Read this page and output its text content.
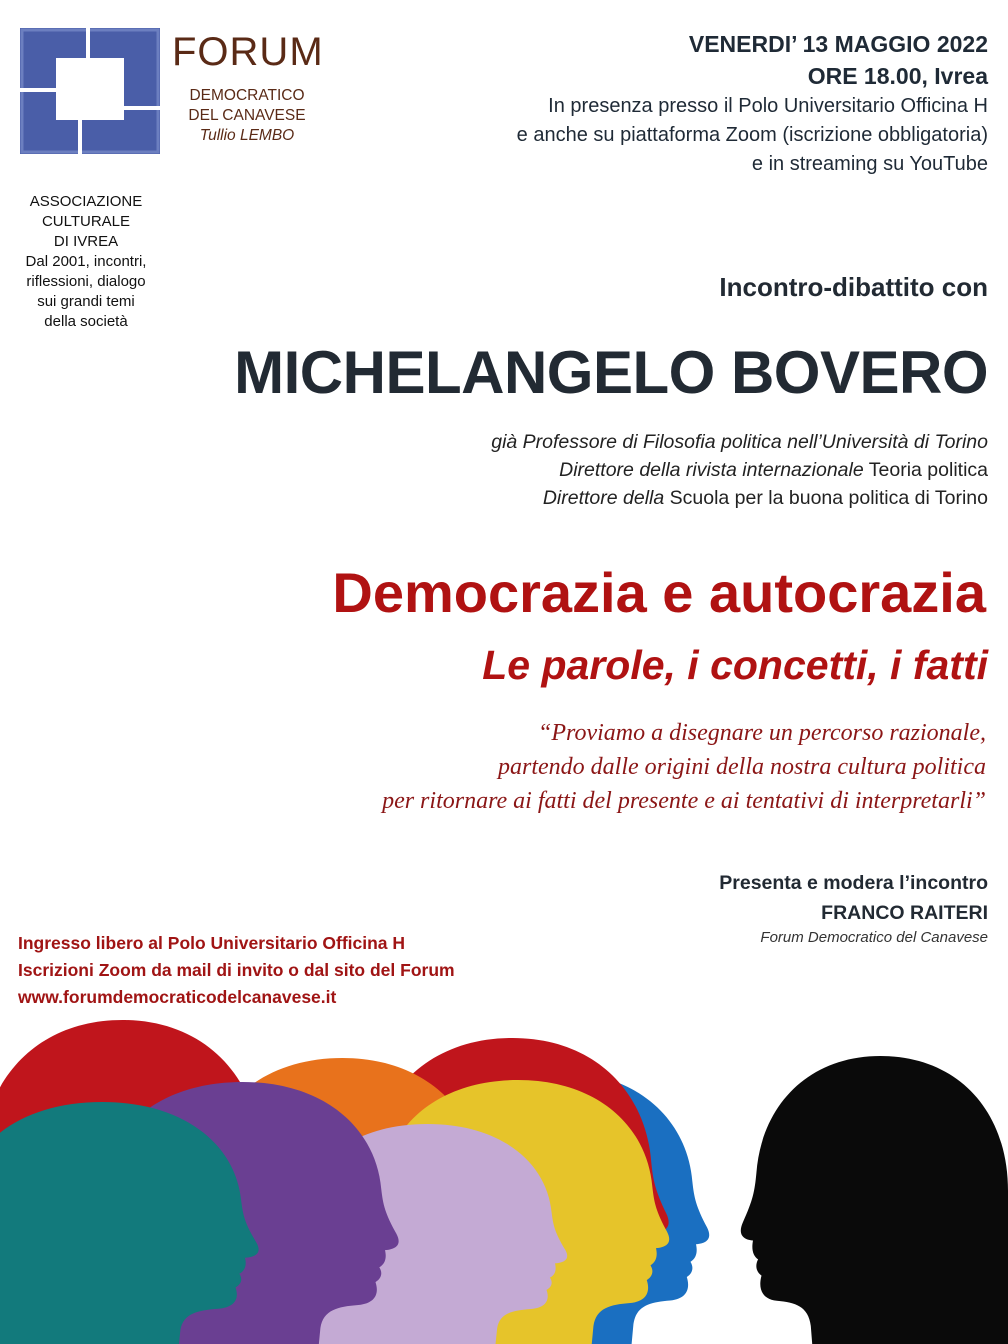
FORUM
DEMOCRATICO
DEL CANAVESE
Tullio LEMBO
ASSOCIAZIONE
CULTURALE
DI IVREA
Dal 2001, incontri,
riflessioni, dialogo
sui grandi temi
della società
VENERDI’ 13 MAGGIO 2022
ORE 18.00, Ivrea
In presenza presso il Polo Universitario Officina H
e anche su piattaforma Zoom (iscrizione obbligatoria)
e in streaming su YouTube
Incontro-dibattito con
MICHELANGELO BOVERO
già Professore di Filosofia politica nell’Università di Torino
Direttore della rivista internazionale Teoria politica
Direttore della Scuola per la buona politica di Torino
Democrazia e autocrazia
Le parole, i concetti, i fatti
“Proviamo a disegnare un percorso razionale,
partendo dalle origini della nostra cultura politica
per ritornare ai fatti del presente e ai tentativi di interpretarli”
Presenta e modera l’incontro
FRANCO RAITERI
Forum Democratico del Canavese
Ingresso libero al Polo Universitario Officina H
Iscrizioni Zoom da mail di invito o dal sito del Forum
www.forumdemocraticodelcanavese.it
